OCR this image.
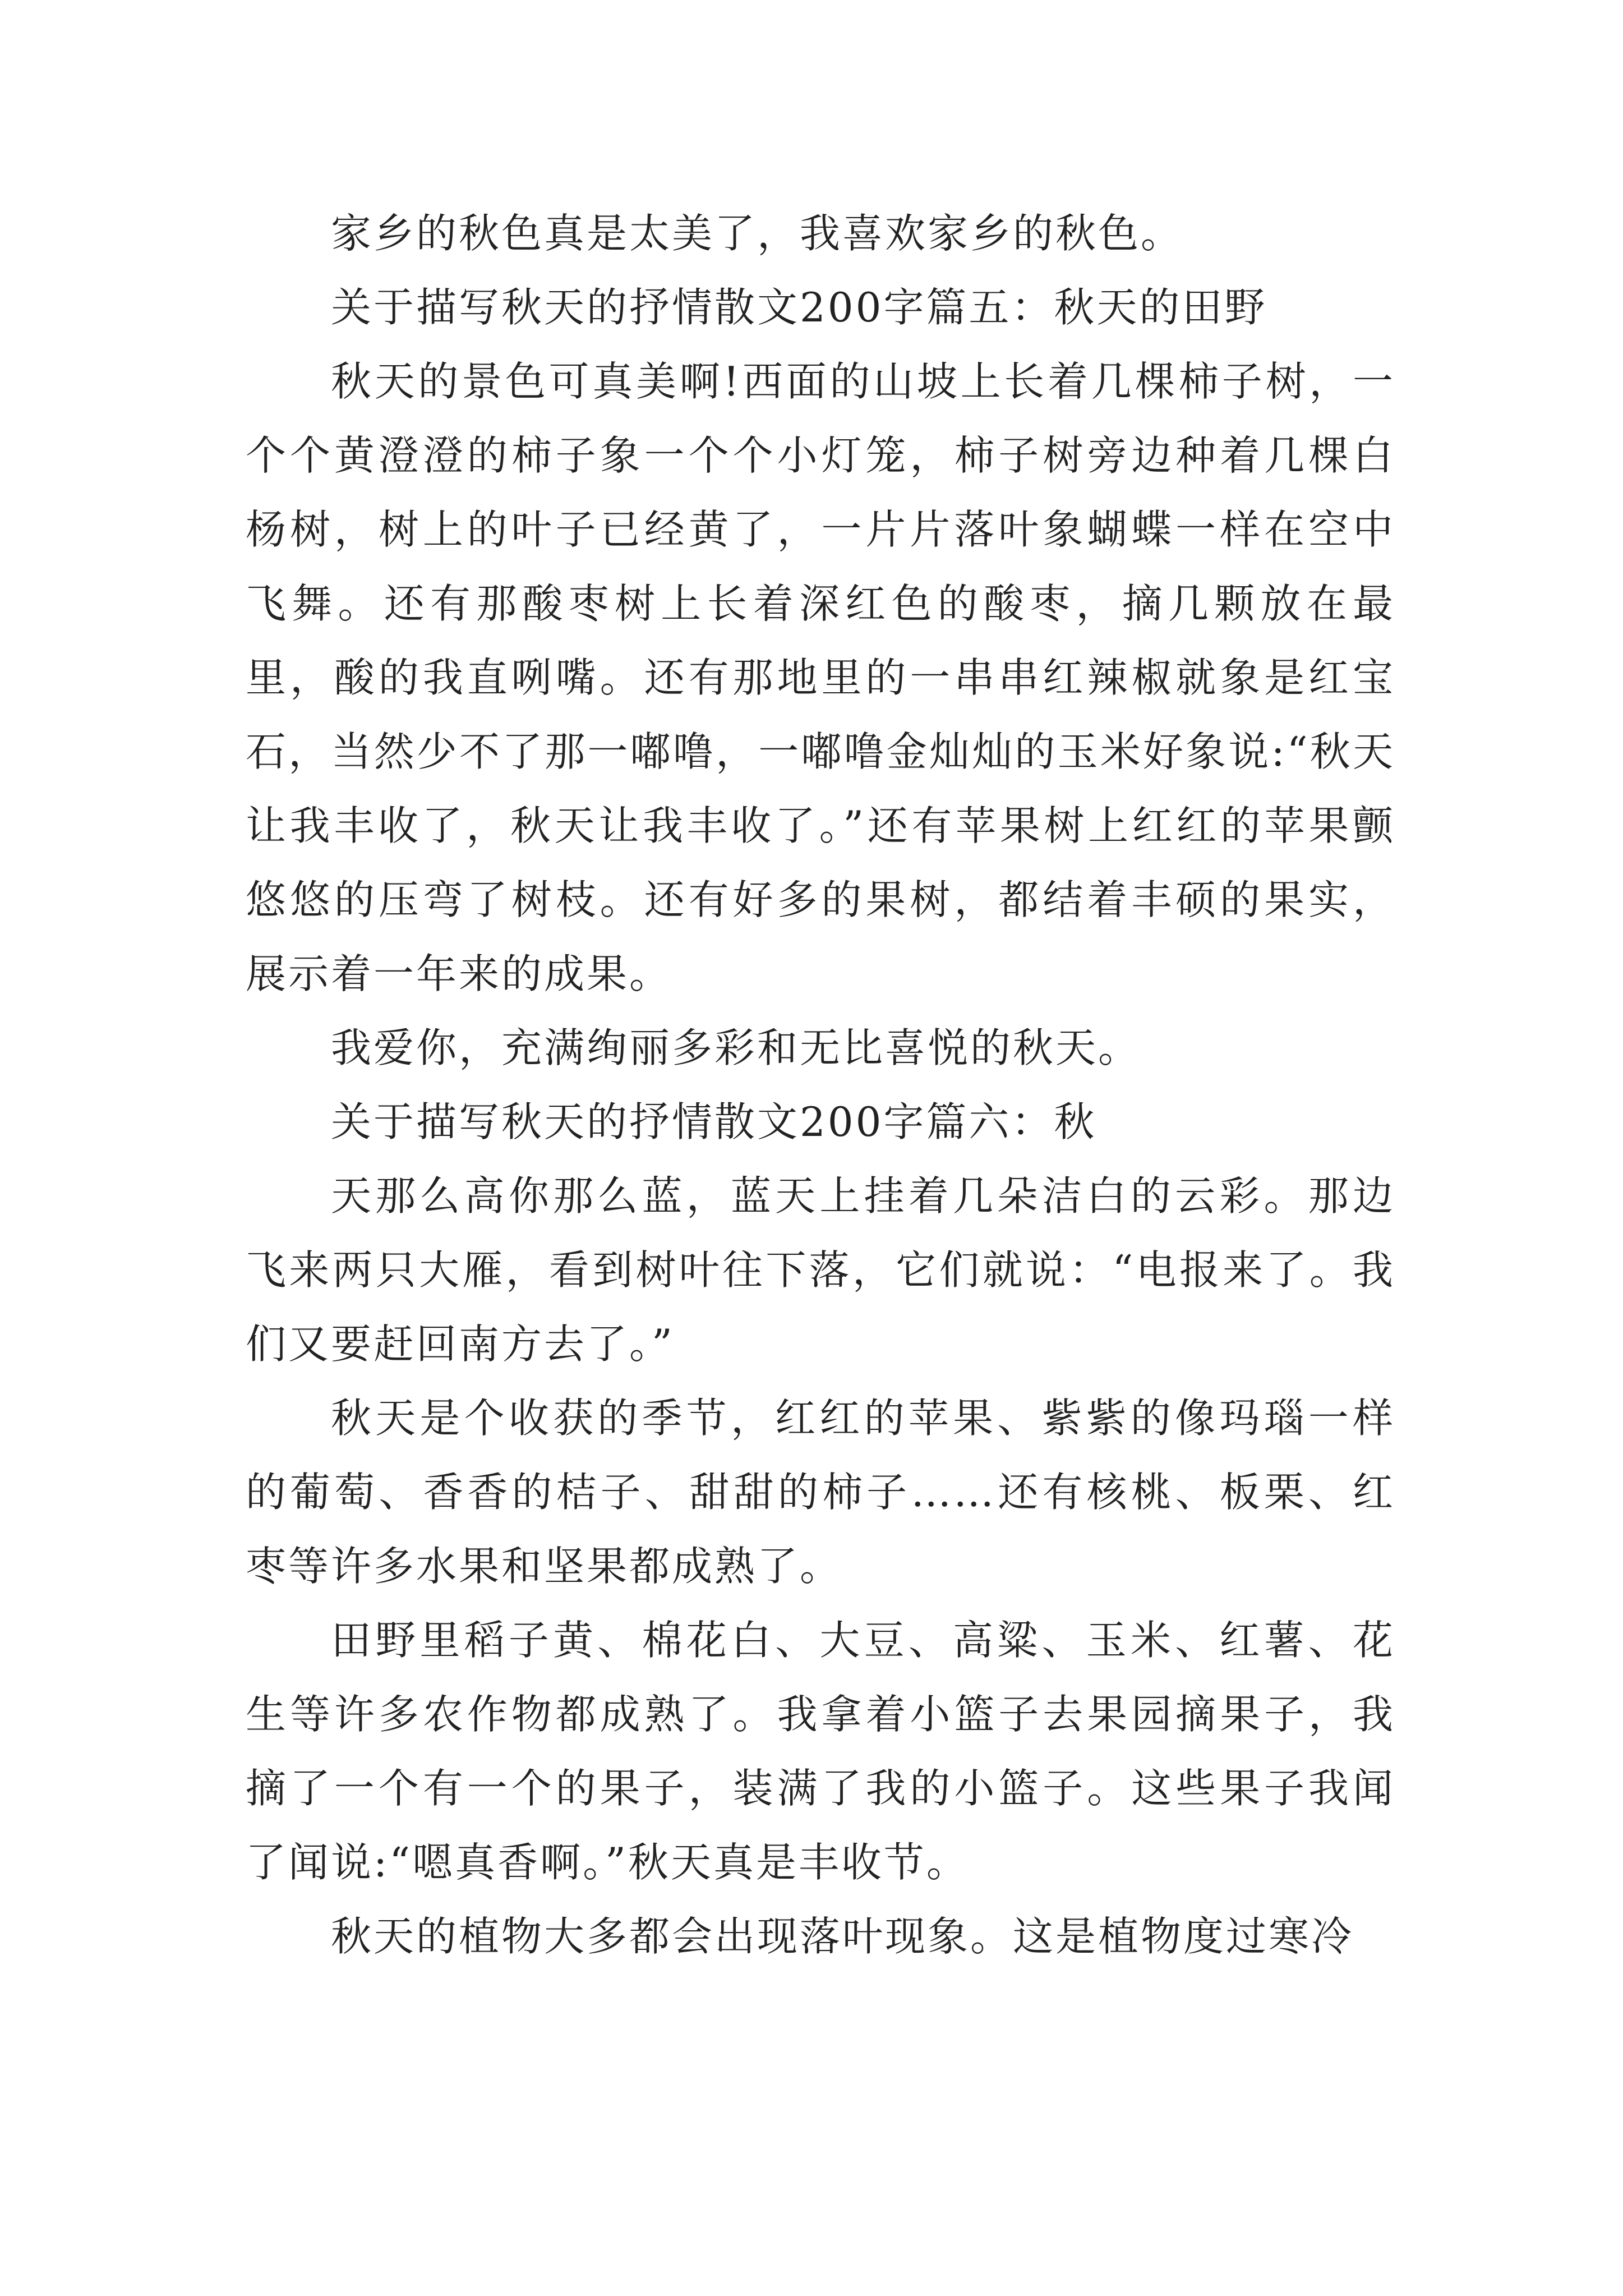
家乡的秋色真是太美了，我喜欢家乡的秋色。

关于描写秋天的抒情散文200字篇五：秋天的田野

秋天的景色可真美啊!西面的山坡上长着几棵柿子树，一个个黄澄澄的柿子象一个个小灯笼，柿子树旁边种着几棵白杨树，树上的叶子已经黄了，一片片落叶象蝴蝶一样在空中飞舞。还有那酸枣树上长着深红色的酸枣，摘几颗放在最里，酸的我直咧嘴。还有那地里的一串串红辣椒就象是红宝石，当然少不了那一嘟噜，一嘟噜金灿灿的玉米好象说:“秋天让我丰收了，秋天让我丰收了。”还有苹果树上红红的苹果颤悠悠的压弯了树枝。还有好多的果树，都结着丰硕的果实，展示着一年来的成果。

我爱你，充满绚丽多彩和无比喜悦的秋天。

关于描写秋天的抒情散文200字篇六：秋

天那么高你那么蓝，蓝天上挂着几朵洁白的云彩。那边飞来两只大雁，看到树叶往下落，它们就说：“电报来了。我们又要赶回南方去了。”

秋天是个收获的季节，红红的苹果、紫紫的像玛瑙一样的葡萄、香香的桔子、甜甜的柿子……还有核桃、板栗、红枣等许多水果和坚果都成熟了。

田野里稻子黄、棉花白、大豆、高粱、玉米、红薯、花生等许多农作物都成熟了。我拿着小篮子去果园摘果子，我摘了一个有一个的果子，装满了我的小篮子。这些果子我闻了闻说:“嗯真香啊。”秋天真是丰收节。

秋天的植物大多都会出现落叶现象。这是植物度过寒冷
